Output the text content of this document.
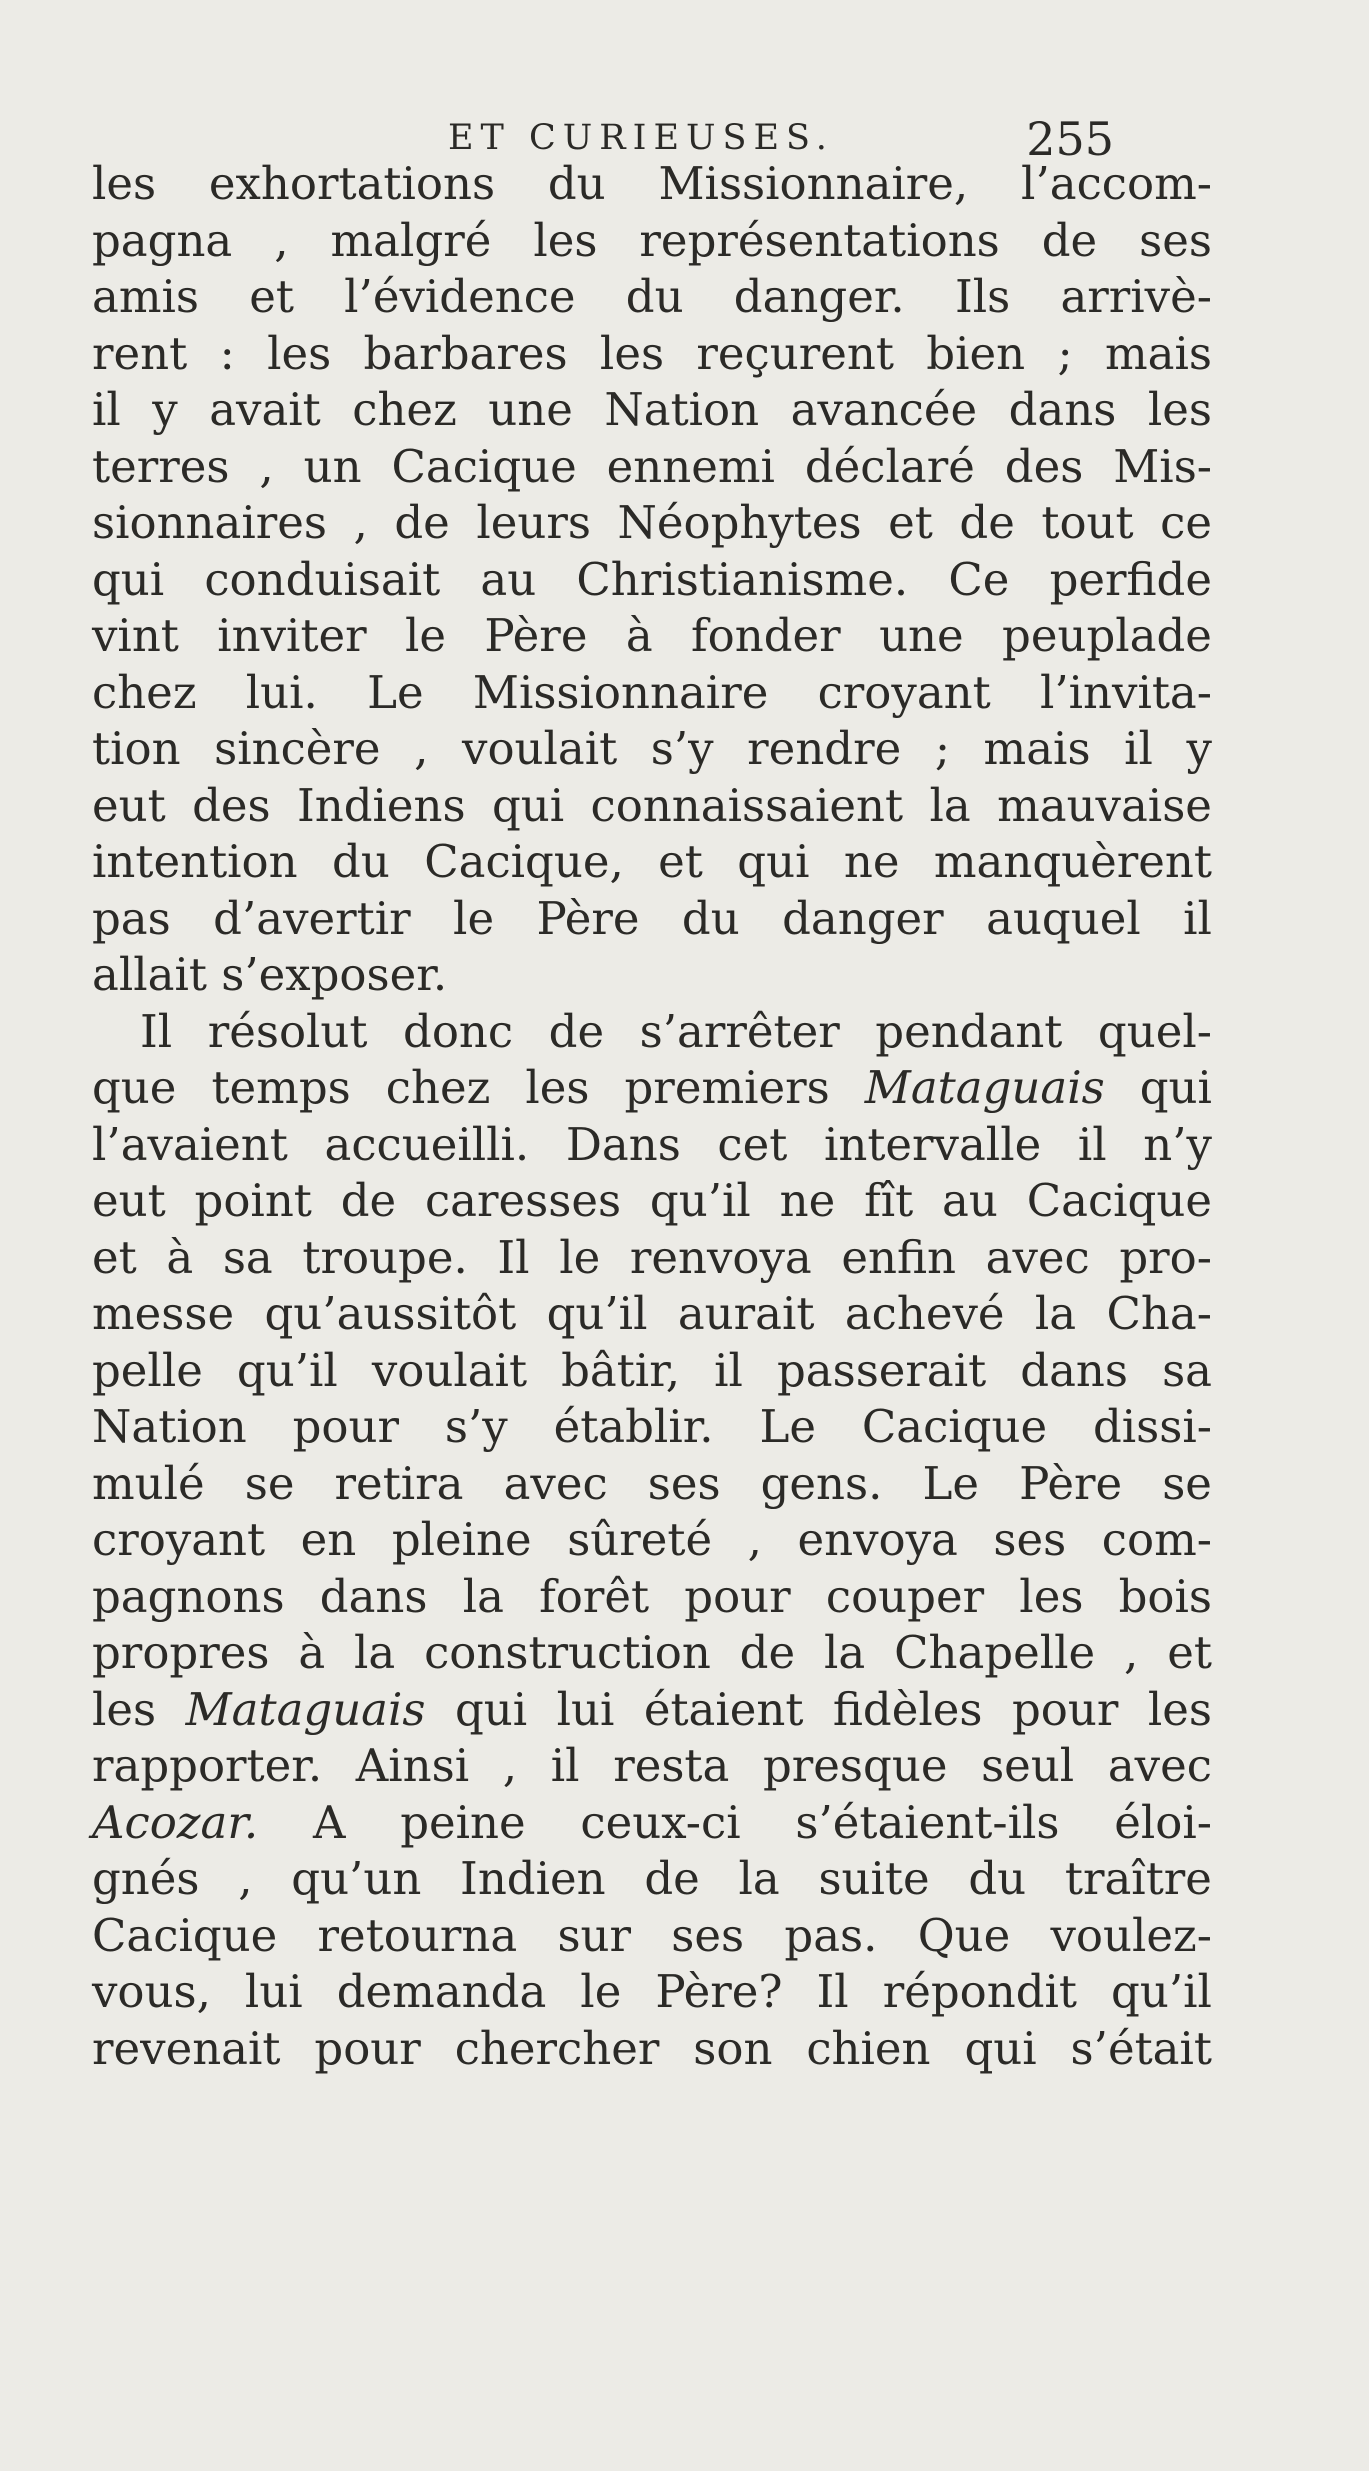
ET CURIEUSES.	255
les exhortations du Missionnaire, l’accom-
pagna , malgré les représentations de ses
amis et l’évidence du danger. Ils arrivè-
rent : les barbares les reçurent bien ; mais
il y avait chez une Nation avancée dans les
terres , un Cacique ennemi déclaré des Mis-
sionnaires , de leurs Néophytes et de tout ce
qui conduisait au Christianisme. Ce perfide
vint inviter le Père à fonder une peuplade
chez lui. Le Missionnaire croyant l’invita-
tion sincère , voulait s’y rendre ; mais il y
eut des Indiens qui connaissaient la mauvaise
intention du Cacique, et qui ne manquèrent
pas d’avertir le Père du danger auquel il
allait s’exposer.
Il résolut donc de s’arrêter pendant quel-
que temps chez les premiers Mataguais qui
l’avaient accueilli. Dans cet intervalle il n’y
eut point de caresses qu’il ne fît au Cacique
et à sa troupe. Il le renvoya enfin avec pro-
messe qu’aussitôt qu’il aurait achevé la Cha-
pelle qu’il voulait bâtir, il passerait dans sa
Nation pour s’y établir. Le Cacique dissi-
mulé se retira avec ses gens. Le Père se
croyant en pleine sûreté , envoya ses com-
pagnons dans la forêt pour couper les bois
propres à la construction de la Chapelle , et
les Mataguais qui lui étaient fidèles pour les
rapporter. Ainsi , il resta presque seul avec
Acozar. A peine ceux-ci s’étaient-ils éloi-
gnés , qu’un Indien de la suite du traître
Cacique retourna sur ses pas. Que voulez-
vous, lui demanda le Père? Il répondit qu’il
revenait pour chercher son chien qui s’était
